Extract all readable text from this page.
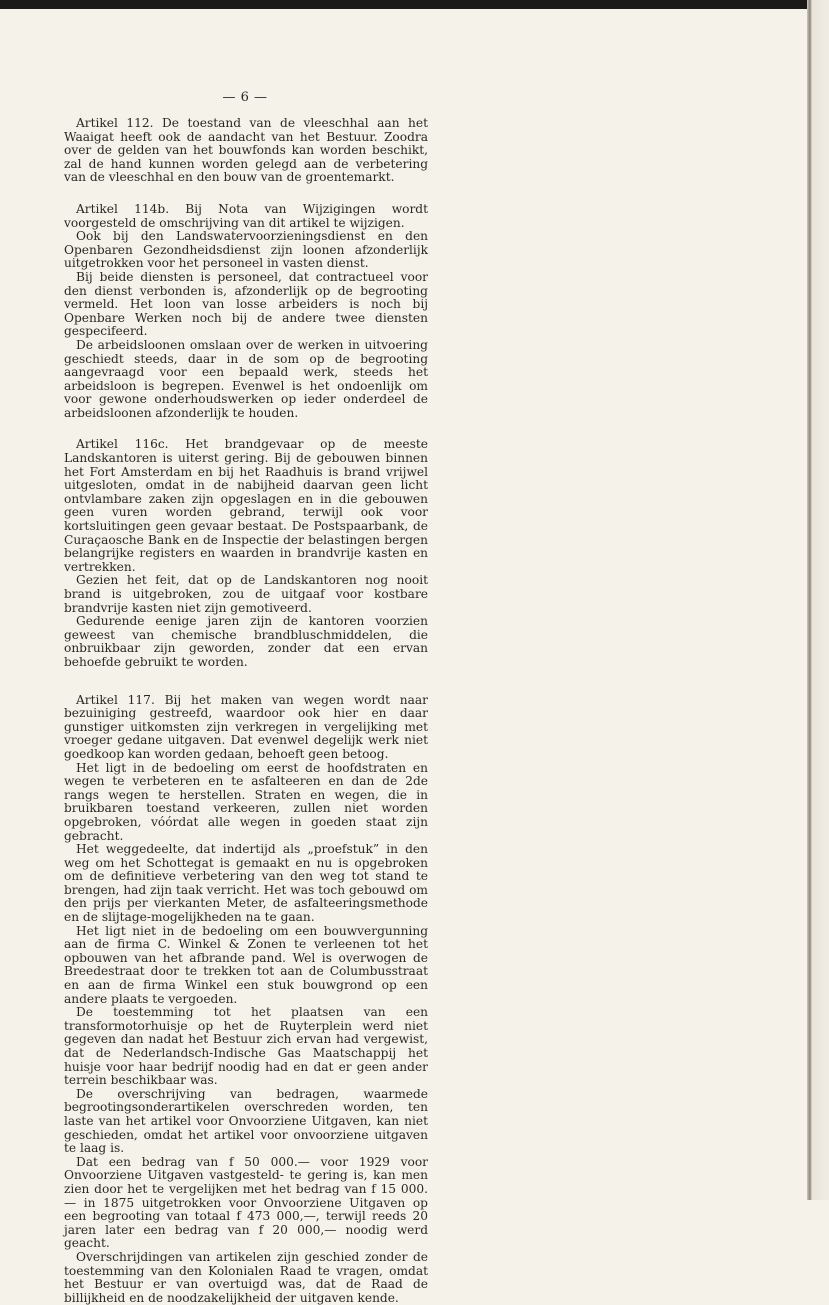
— 6 —

Artikel 112. De toestand van de vleeschhal aan het Waaigat heeft ook de aandacht van het Bestuur. Zoodra over de gelden van het bouwfonds kan worden beschikt, zal de hand kunnen worden gelegd aan de verbetering van de vleeschhal en den bouw van de groentemarkt.

Artikel 114b. Bij Nota van Wijzigingen wordt voorgesteld de omschrijving van dit artikel te wijzigen.

Ook bij den Landswatervoorzieningsdienst en den Openbaren Gezondheidsdienst zijn loonen afzonderlijk uitgetrokken voor het personeel in vasten dienst.

Bij beide diensten is personeel, dat contractueel voor den dienst verbonden is, afzonderlijk op de begrooting vermeld. Het loon van losse arbeiders is noch bij Openbare Werken noch bij de andere twee diensten gespecifeerd.

De arbeidsloonen omslaan over de werken in uitvoering geschiedt steeds, daar in de som op de begrooting aangevraagd voor een bepaald werk, steeds het arbeidsloon is begrepen. Evenwel is het ondoenlijk om voor gewone onderhoudswerken op ieder onderdeel de arbeidsloonen afzonderlijk te houden.

Artikel 116c. Het brandgevaar op de meeste Landskantoren is uiterst gering. Bij de gebouwen binnen het Fort Amsterdam en bij het Raadhuis is brand vrijwel uitgesloten, omdat in de nabijheid daarvan geen licht ontvlambare zaken zijn opgeslagen en in die gebouwen geen vuren worden gebrand, terwijl ook voor kortsluitingen geen gevaar bestaat. De Postspaarbank, de Curaçaosche Bank en de Inspectie der belastingen bergen belangrijke registers en waarden in brandvrije kasten en vertrekken.

Gezien het feit, dat op de Landskantoren nog nooit brand is uitgebroken, zou de uitgaaf voor kostbare brandvrije kasten niet zijn gemotiveerd.

Gedurende eenige jaren zijn de kantoren voorzien geweest van chemische brandbluschmiddelen, die onbruikbaar zijn geworden, zonder dat een ervan behoefde gebruikt te worden.

Artikel 117. Bij het maken van wegen wordt naar bezuiniging gestreefd, waardoor ook hier en daar gunstiger uitkomsten zijn verkregen in vergelijking met vroeger gedane uitgaven. Dat evenwel degelijk werk niet goedkoop kan worden gedaan, behoeft geen betoog.

Het ligt in de bedoeling om eerst de hoofdstraten en wegen te verbeteren en te asfalteeren en dan de 2de rangs wegen te herstellen. Straten en wegen, die in bruikbaren toestand verkeeren, zullen niet worden opgebroken, vóórdat alle wegen in goeden staat zijn gebracht.

Het weggedeelte, dat indertijd als „proefstuk” in den weg om het Schottegat is gemaakt en nu is opgebroken om de definitieve verbetering van den weg tot stand te brengen, had zijn taak verricht. Het was toch gebouwd om den prijs per vierkanten Meter, de asfalteeringsmethode en de slijtage-mogelijkheden na te gaan.

Het ligt niet in de bedoeling om een bouwvergunning aan de firma C. Winkel & Zonen te verleenen tot het opbouwen van het afbrande pand. Wel is overwogen de Breedestraat door te trekken tot aan de Columbusstraat en aan de firma Winkel een stuk bouwgrond op een andere plaats te vergoeden.

De toestemming tot het plaatsen van een transformotorhuisje op het de Ruyterplein werd niet gegeven dan nadat het Bestuur zich ervan had vergewist, dat de Nederlandsch-Indische Gas Maatschappij het huisje voor haar bedrijf noodig had en dat er geen ander terrein beschikbaar was.

De overschrijving van bedragen, waarmede begrootingsonderartikelen overschreden worden, ten laste van het artikel voor Onvoorziene Uitgaven, kan niet geschieden, omdat het artikel voor onvoorziene uitgaven te laag is.

Dat een bedrag van f 50 000.— voor 1929 voor Onvoorziene Uitgaven vastgesteld- te gering is, kan men zien door het te vergelijken met het bedrag van f 15 000.— in 1875 uitgetrokken voor Onvoorziene Uitgaven op een begrooting van totaal f 473 000,—, terwijl reeds 20 jaren later een bedrag van f 20 000,— noodig werd geacht.

Overschrijdingen van artikelen zijn geschied zonder de toestemming van den Kolonialen Raad te vragen, omdat het Bestuur er van overtuigd was, dat de Raad de billijkheid en de noodzakelijkheid der uitgaven kende.
